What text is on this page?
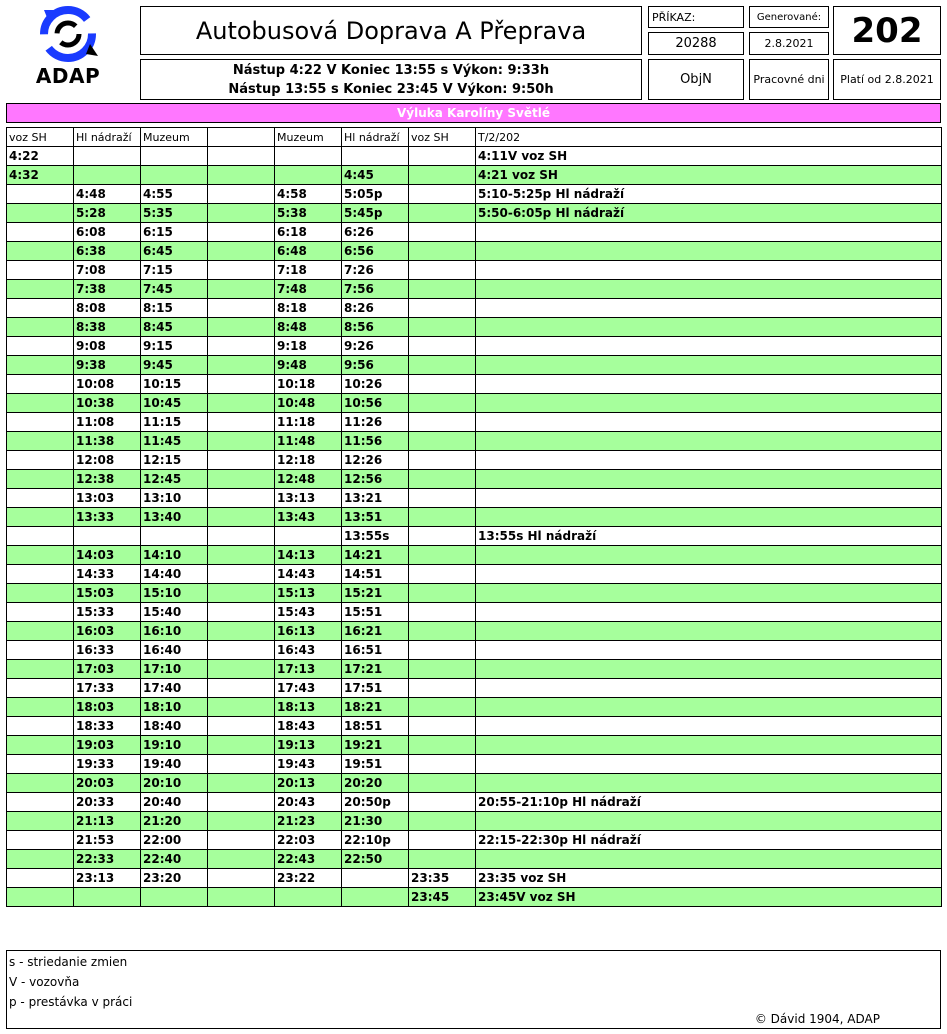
ADAP
Autobusová Doprava A Přeprava	PŘÍKAZ:
20288
Generované:
2.8.2021	202
Nástup 4:22 V Koniec 13:55 s Výkon: 9:33h
Nástup 13:55 s Koniec 23:45 V Výkon: 9:50h
ObjN	Pracovné dni	Platí od 2.8.2021
Výluka Karolíny Světlé
voz SH	Hl nádraží	Muzeum		Muzeum	Hl nádraží	voz SH	T/2/202
4:22							4:11V voz SH
4:32					4:45		4:21 voz SH
	4:48	4:55		4:58	5:05p		5:10-5:25p Hl nádraží
	5:28	5:35		5:38	5:45p		5:50-6:05p Hl nádraží
	6:08	6:15		6:18	6:26		
	6:38	6:45		6:48	6:56		
	7:08	7:15		7:18	7:26		
	7:38	7:45		7:48	7:56		
	8:08	8:15		8:18	8:26		
	8:38	8:45		8:48	8:56		
	9:08	9:15		9:18	9:26		
	9:38	9:45		9:48	9:56		
	10:08	10:15		10:18	10:26		
	10:38	10:45		10:48	10:56		
	11:08	11:15		11:18	11:26		
	11:38	11:45		11:48	11:56		
	12:08	12:15		12:18	12:26		
	12:38	12:45		12:48	12:56		
	13:03	13:10		13:13	13:21		
	13:33	13:40		13:43	13:51		
					13:55s		13:55s Hl nádraží
	14:03	14:10		14:13	14:21		
	14:33	14:40		14:43	14:51		
	15:03	15:10		15:13	15:21		
	15:33	15:40		15:43	15:51		
	16:03	16:10		16:13	16:21		
	16:33	16:40		16:43	16:51		
	17:03	17:10		17:13	17:21		
	17:33	17:40		17:43	17:51		
	18:03	18:10		18:13	18:21		
	18:33	18:40		18:43	18:51		
	19:03	19:10		19:13	19:21		
	19:33	19:40		19:43	19:51		
	20:03	20:10		20:13	20:20		
	20:33	20:40		20:43	20:50p		20:55-21:10p Hl nádraží
	21:13	21:20		21:23	21:30		
	21:53	22:00		22:03	22:10p		22:15-22:30p Hl nádraží
	22:33	22:40		22:43	22:50		
	23:13	23:20		23:22		23:35	23:35 voz SH
						23:45	23:45V voz SH
s - striedanie zmien
V - vozovňa
p - prestávka v práci
© Dávid 1904, ADAP
